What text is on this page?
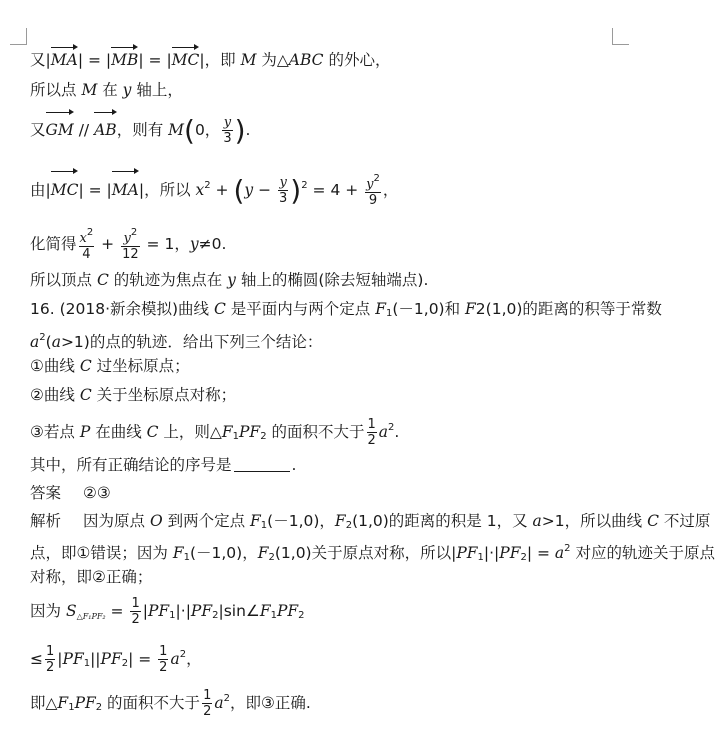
又|MA| = |MB| = |MC|，即 M 为△ABC 的外心，
所以点 M 在 y 轴上，
又GM // AB，则有 M(0， $\frac{y}{3}$ ).
由|MC| = |MA|，所以 $x^2 + (y - \frac{y}{3} )^2 = 4 + \frac{y^2}{9}$ ，
化简得 $\frac{x^2}{4} + \frac{y^2}{12} = 1$，y≠0.
所以顶点 C 的轨迹为焦点在 y 轴上的椭圆(除去短轴端点).
16. (2018·新余模拟)曲线 C 是平面内与两个定点 $F_1(-1,0)$和 F2(1,0)的距离的积等于常数
$a^2(a>1)$的点的轨迹．给出下列三个结论：
①曲线 C 过坐标原点；
②曲线 C 关于坐标原点对称；
③若点 P 在曲线 C 上，则$\triangle F_1PF_2$ 的面积不大于 $\frac{1}{2} a^2$.
其中，所有正确结论的序号是	.
答案 ②③
解析 因为原点 O 到两个定点 $F_1(-1,0)$，$F_2(1,0)$的距离的积是 1，又 a>1，所以曲线 C 不过原
点，即①错误；因为 $F_1(-1,0)$，$F_2(1,0)$关于原点对称，所以$|PF_1|\cdot|PF_2| = a^2$ 对应的轨迹关于原点
对称，即②正确；
因为 S△F₁PF₂ = $\frac{1}{2}$ $|PF_1|\cdot|PF_2|\sin\angle F_1PF_2$
≤ $\frac{1}{2} |PF_1||PF_2| = \frac{1}{2} a^2$，
即$\triangle F_1PF_2$ 的面积不大于 $\frac{1}{2} a^2$，即③正确.
